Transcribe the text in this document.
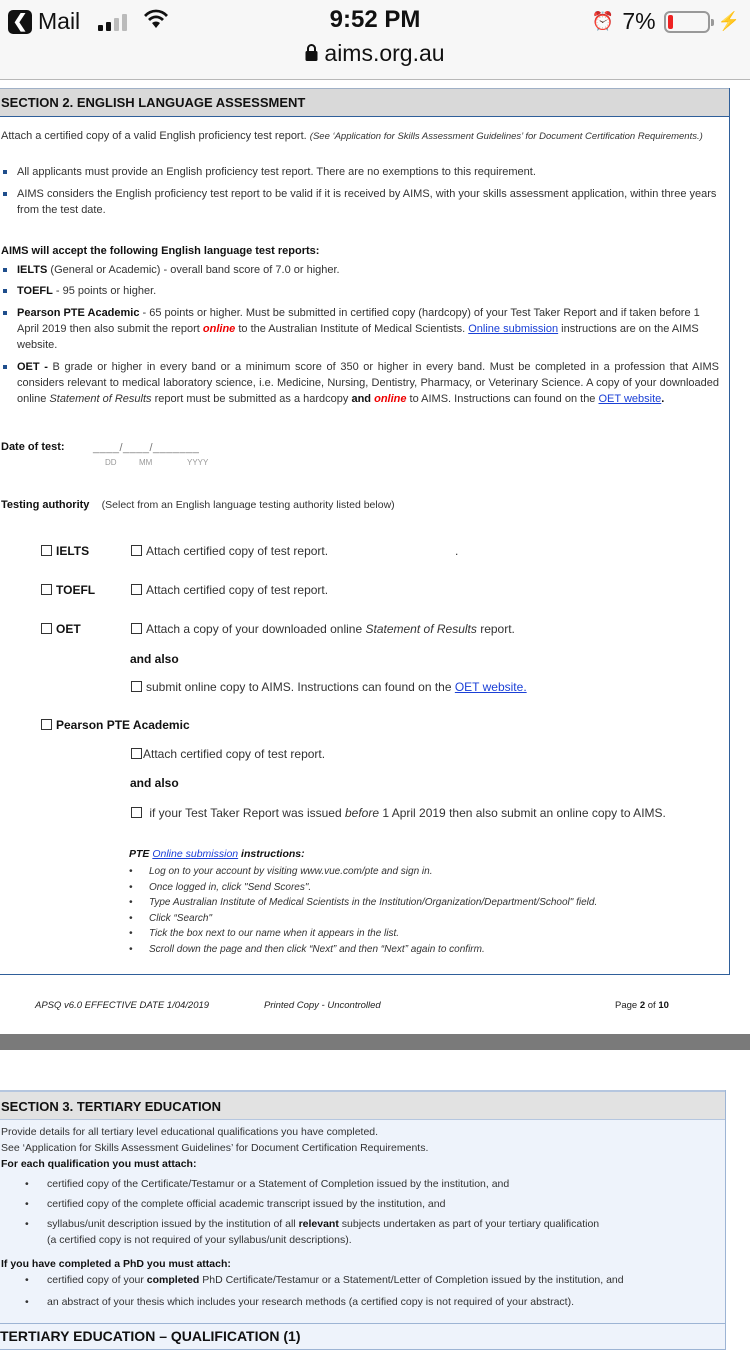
❮ Mail	9:52 PM	⏰ 7%	⚡
aims.org.au
SECTION 2. ENGLISH LANGUAGE ASSESSMENT
Attach a certified copy of a valid English proficiency test report. (See ‘Application for Skills Assessment Guidelines’ for Document Certification Requirements.)
All applicants must provide an English proficiency test report. There are no exemptions to this requirement.
AIMS considers the English proficiency test report to be valid if it is received by AIMS, with your skills assessment application, within three years from the test date.
AIMS will accept the following English language test reports:
IELTS (General or Academic) - overall band score of 7.0 or higher.
TOEFL - 95 points or higher.
Pearson PTE Academic - 65 points or higher. Must be submitted in certified copy (hardcopy) of your Test Taker Report and if taken before 1 April 2019 then also submit the report online to the Australian Institute of Medical Scientists. Online submission instructions are on the AIMS website.
OET - B grade or higher in every band or a minimum score of 350 or higher in every band. Must be completed in a profession that AIMS considers relevant to medical laboratory science, i.e. Medicine, Nursing, Dentistry, Pharmacy, or Veterinary Science. A copy of your downloaded online Statement of Results report must be submitted as a hardcopy and online to AIMS. Instructions can found on the OET website.
Date of test:	____/____/_______
DD	MM	YYYY
Testing authority (Select from an English language testing authority listed below)
IELTS	Attach certified copy of test report.	.
TOEFL	Attach certified copy of test report.
OET	Attach a copy of your downloaded online Statement of Results report.
and also
submit online copy to AIMS. Instructions can found on the OET website.
Pearson PTE Academic
Attach certified copy of test report.
and also
if your Test Taker Report was issued before 1 April 2019 then also submit an online copy to AIMS.
PTE Online submission instructions:
• Log on to your account by visiting www.vue.com/pte and sign in.
• Once logged in, click "Send Scores".
• Type Australian Institute of Medical Scientists in the Institution/Organization/Department/School" field.
• Click “Search"
• Tick the box next to our name when it appears in the list.
• Scroll down the page and then click “Next” and then “Next” again to confirm.
APSQ v6.0 EFFECTIVE DATE 1/04/2019	Printed Copy - Uncontrolled	Page 2 of 10
SECTION 3. TERTIARY EDUCATION
Provide details for all tertiary level educational qualifications you have completed.
See ‘Application for Skills Assessment Guidelines’ for Document Certification Requirements.
For each qualification you must attach:
• certified copy of the Certificate/Testamur or a Statement of Completion issued by the institution, and
• certified copy of the complete official academic transcript issued by the institution, and
• syllabus/unit description issued by the institution of all relevant subjects undertaken as part of your tertiary qualification
(a certified copy is not required of your syllabus/unit descriptions).
If you have completed a PhD you must attach:
• certified copy of your completed PhD Certificate/Testamur or a Statement/Letter of Completion issued by the institution, and
• an abstract of your thesis which includes your research methods (a certified copy is not required of your abstract).
TERTIARY EDUCATION – QUALIFICATION (1)
